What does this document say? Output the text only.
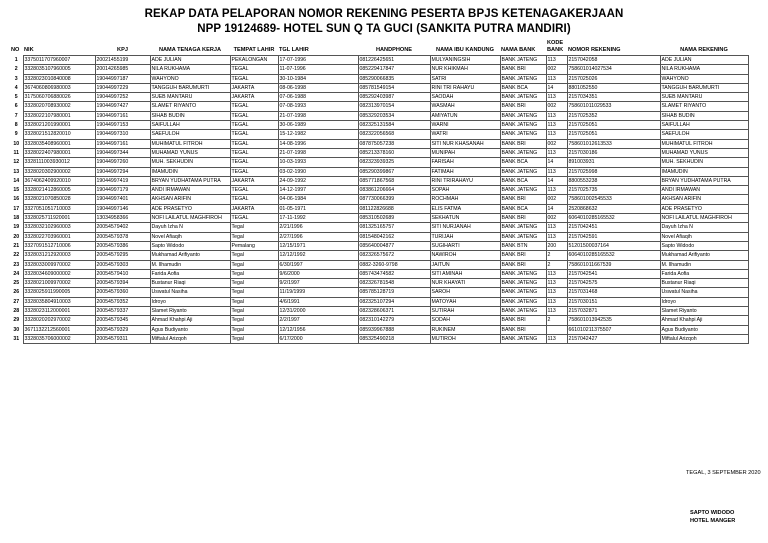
REKAP DATA PELAPORAN NOMOR REKENING PESERTA BPJS KETENAGAKERJAAN
NPP 19124689- HOTEL SUN Q TA GUCI (SANKITA PUTRA MANDIRI)
NO	NIK	KPJ	NAMA TENAGA KERJA	TEMPAT LAHIR	TGL LAHIR	HANDPHONE	NAMA IBU KANDUNG	NAMA BANK	KODE BANK	NOMOR REKENING	NAMA REKENING
1	3375011707960007	20021455199	ADE JULIAN	PEKALONGAN	17-07-1996	081226425651	MULYANINGSIH	BANK JATENG	113	2157042058	ADE JULIAN
2	3328035107960005	20014265985	NILA RUKHAMA	TEGAL	11-07-1996	085229417847	NUR KHIKMAH	BANK BRI	002	758601014027534	NILA RUKHAMA
3	3328023010840008	19044997187	WAHYONO	TEGAL	30-10-1984	085290066835	SATRI	BANK JATENG	113	2157025026	WAHYONO
4	3674060806980003	19044997229	TANGGUH BARUMURTI	JAKARTA	08-06-1998	085781549154	RINI TRI RAHAYU	BANK BCA	14	8801052550	TANGGUH BARUMURTI
5	3175060706880026	19044997252	SUEB MANTARU	JAKARTA	07-06-1988	085292403987	SAODAH	BANK JATENG	113	2157034351	SUEB MANTARU
6	3328020708930002	19044997427	SLAMET RIYANTO	TEGAL	07-08-1993	082313970154	WASMAH	BANK BRI	002	758601011029533	SLAMET RIYANTO
7	3328022107980001	19044997161	SIHAB BUDIN	TEGAL	21-07-1998	085329203534	AMIYATUN	BANK JATENG	113	2157025352	SIHAB BUDIN
8	3328021201990001	19044997153	SAIFULLAH	TEGAL	30-06-1989	082325131584	WARNI	BANK JATENG	113	2157025051	SAIFULLAH
9	3328021512820010	19044997310	SAEFULOH	TEGAL	15-12-1982	082322056568	WATRI	BANK JATENG	113	2157025051	SAEFULOH
10	3328035408960001	19044997161	MUHIMATUL FITROH	TEGAL	14-08-1996	087875057238	SITI NUR KHASANAH	BANK BRI	002	758601012613533	MUHIMATUL FITROH
11	3328022407980001	19044997344	MUHAMAD YUNUS	TEGAL	21-07-1998	085213378160	MUNIPAH	BANK JATENG	113	2157030186	MUHAMAD YUNUS
12	3328111003930012	19044997260	MUH. SEKHUDIN	TEGAL	10-03-1993	082323939325	FARISAH	BANK BCA	14	891003931	MUH. SEKHUDIN
13	3328020302900002	19044997294	IMAMUDIN	TEGAL	03-02-1990	085290399867	FATIMAH	BANK JATENG	113	2157025998	IMAMUDIN
14	3674062409920010	19044997419	BRYAN YUDHATAMA PUTRA	JAKARTA	24-09-1992	085771867568	RINI TRIRAHAYU	BANK BCA	14	8800553238	BRYAN YUDHATAMA PUTRA
15	3328021412860005	19044997179	ANDI IRMAWAN	TEGAL	14-12-1997	083861206664	SOPAH	BANK JATENG	113	2157025735	ANDI IRMAWAN
16	3328021070850028	19044997401	AKHSAN ARIFIN	TEGAL	04-06-1984	087730066399	ROCHMAH	BANK BRI	002	758601002545533	AKHSAN ARIFIN
17	3327051051710003	19044997146	ADE PRASETYO	JAKARTA	01-05-1971	081122826688	ELIS FATMA	BANK BCA	14	2520868632	ADE PRASETYO
18	3328025711920001	13034958366	NOFI LAILATUL MAGHFIROH	TEGAL	17-11-1992	085310502689	SEKHATUN	BANK BRI	002	6064010285165532	NOFI LAILATUL MAGHFIROH
19	3328032102960003	20054579402	Dayuh Izha N	Tegal	2/21/1996	081325165757	SITI NURJANAH	BANK JATENG	113	2157042451	Dayuh Izha N
20	3328022703960001	20054579378	Novel Afiaqih	Tegal	2/27/1996	081548042162	TURIJAH	BANK JATENG	113	2157042591	Novel Afiaqih
21	3327091512710006	20054579386	Sapto Widodo	Pemalang	12/15/1971	085640004877	SUGIHARTI	BANK BTN	200	5120150003716​4	Sapto Widodo
22	3328031212920003	20054579295	Mukhamad Arifiyanto	Tegal	12/12/1992	082326575672	NAWIROH	BANK BRI	2	6064010285165532	Mukhamad Arifiyanto
23	3328033009970002	20054579303	M. Ilhamudin	Tegal	6/30/1997	0882-3260-9798	JAITUN	BANK BRI	2	758601011667539	M. Ilhamudin
24	3328034609000002	20054579410	Farida Aofia	Tegal	9/6/2000	085743474582	SITI AMINAH	BANK JATENG	113	2157042541	Farida Aofia
25	3328021009970002	20054579394	Bustanur Riaqi	Tegal	9/2/1997	082326781548	NUR KHAYATI	BANK JATENG	113	2157042575	Bustanur Riaqi
26	3328025911990005	20054579360	Uswatul Nasiha	Tegal	11/19/1999	085785128719	SAROH	BANK JATENG	113	2157031468	Uswatul Nasiha
27	3328035804910003	20054579352	Idroyo	Tegal	4/6/1991	082325107294	MATOYAH	BANK JATENG	113	2157030151	Idroyo
28	3328023112000001	20054579337	Slamet Riyanto	Tegal	12/31/2000	082328606371	SUTIRAH	BANK JATENG	113	2157032871	Slamet Riyanto
29	3328020202970002	20054579345	Ahmad Khahpi Aji	Tegal	2/2/1997	082310142279	SODAH	BANK BRI	2	758601013942535	Ahmad Khahpi Aji
30	3671132212560001	20054579329	Agus Budiyanto	Tegal	12/12/1956	085939967888	RUKINEM	BANK BRI		661010211375507	Agus Budiyanto
31	3328035706000002	20054579311	Miftalul Arizqoh	Tegal	6/17/2000	085325490218	MUTIROH	BANK JATENG	113	2157042427	Miftalul Arizqoh
TEGAL, 3 SEPTEMBER 2020
SAPTO WIDODO
HOTEL MANGER
